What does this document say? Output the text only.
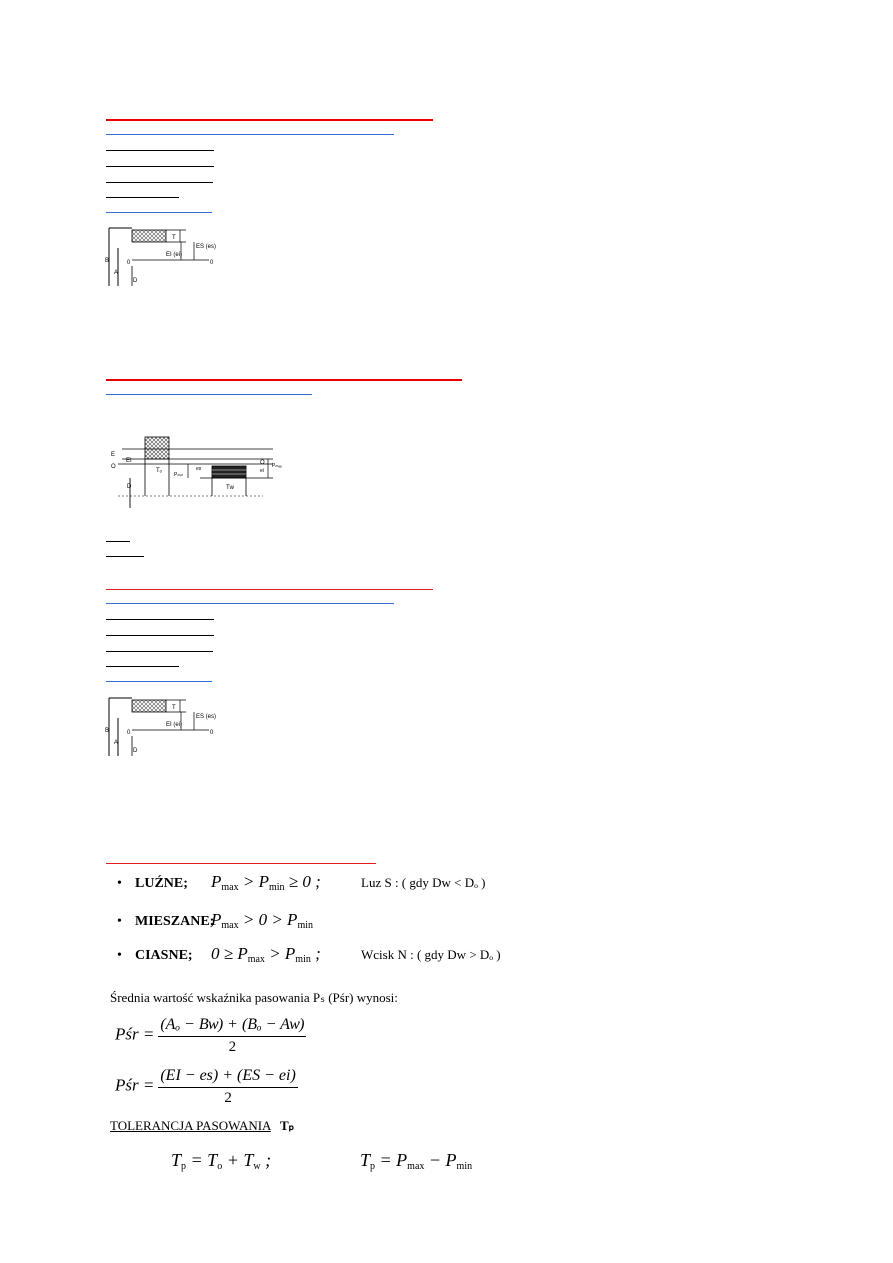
T
ES (es)
EI (ei)
0	0
B
A
D
E
EI
O
D
Tₒ
Pₘᵢₙ
Tᴡ
O Pₘₐₓ
es	ei
T
ES (es)
EI (ei)
0	0
B
A
D
• LUŹNE;	$P_{max} > P_{min} \ge 0$ ;	Luz S : ( gdy Dᴡ < Dₒ )
• MIESZANE;
$P_{max} > 0 > P_{min}$
• CIASNE;	$0 \ge P_{max} > P_{min}$ ;	Wcisk N : ( gdy Dᴡ > Dₒ )
Średnia wartość wskaźnika pasowania Pₛ (Pśr) wynosi:
Pśr = $\frac{\text{(Aₒ − Bᴡ) + (Bₒ − Aᴡ)}}{2}$
Pśr = $\frac{(EI - es) + (ES - ei)}{2}$
TOLERANCJA PASOWANIA Tₚ
$T_p = T_o + T_w$ ;	$T_p = P_{max} - P_{min}$
